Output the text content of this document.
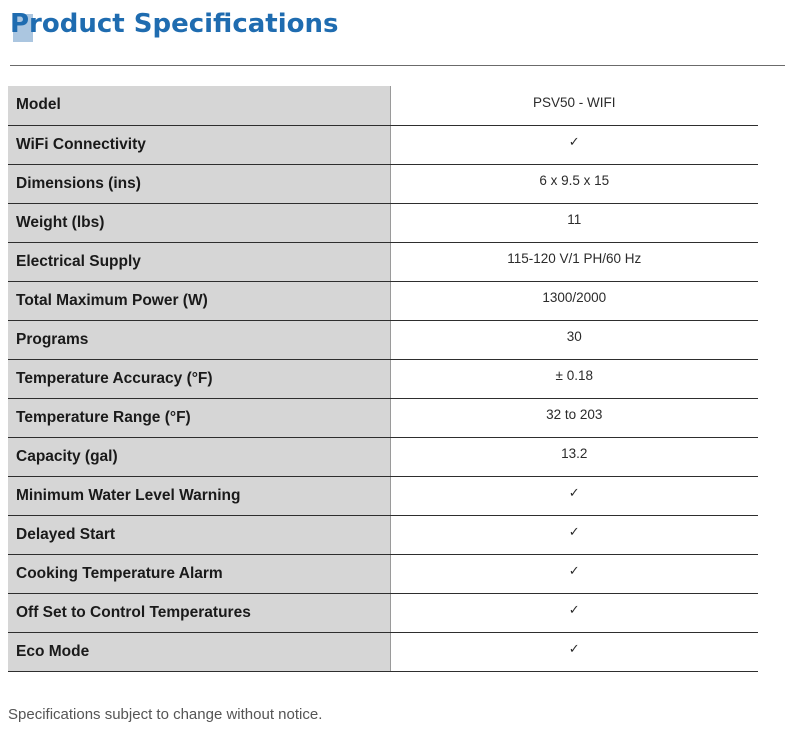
Product Specifications
Model	PSV50 - WIFI
WiFi Connectivity	✓
Dimensions (ins)	6 x 9.5 x 15
Weight (lbs)	11
Electrical Supply	115-120 V/1 PH/60 Hz
Total Maximum Power (W)	1300/2000
Programs	30
Temperature Accuracy (°F)	± 0.18
Temperature Range (°F)	32 to 203
Capacity (gal)	13.2
Minimum Water Level Warning	✓
Delayed Start	✓
Cooking Temperature Alarm	✓
Off Set to Control Temperatures	✓
Eco Mode	✓
Specifications subject to change without notice.
